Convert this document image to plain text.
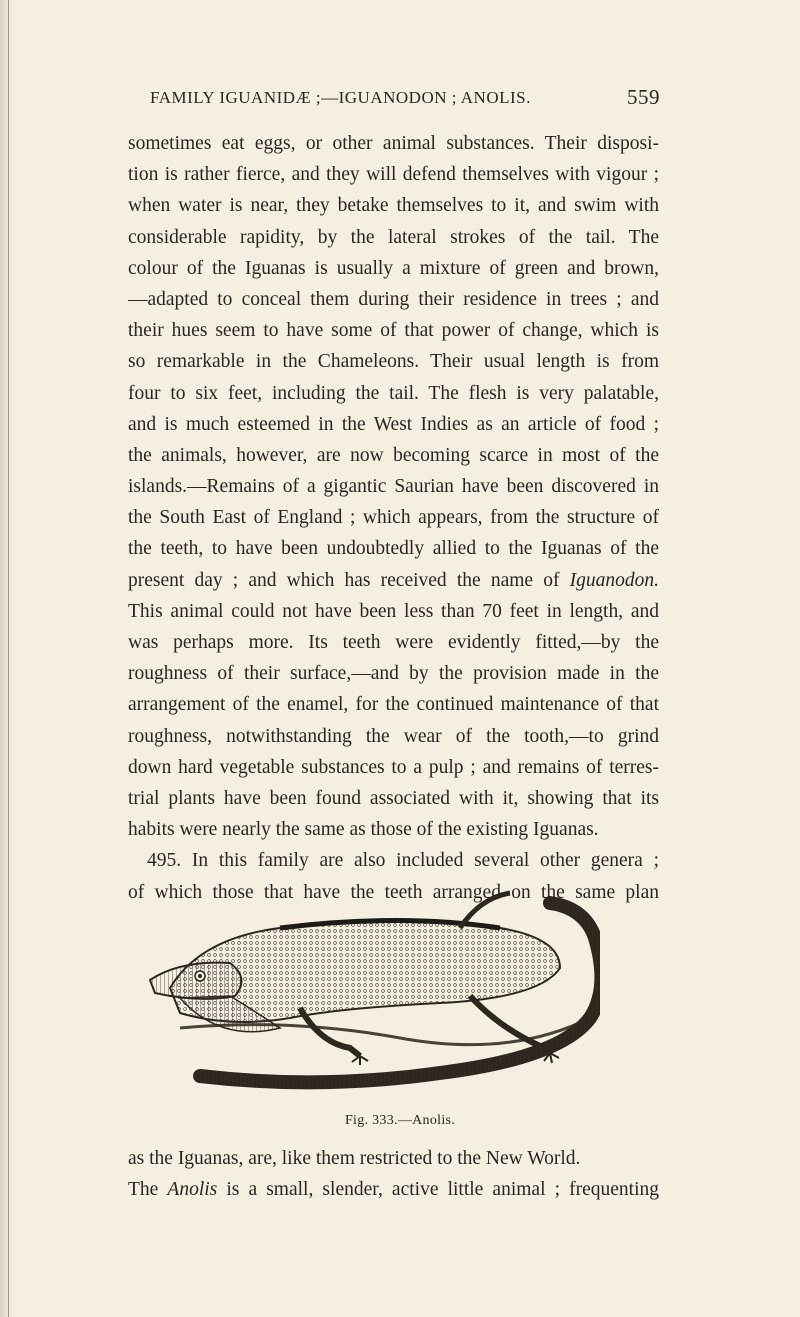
FAMILY IGUANIDÆ ;—IGUANODON ; ANOLIS.	559
sometimes eat eggs, or other animal substances. Their disposi-
tion is rather fierce, and they will defend themselves with vigour ;
when water is near, they betake themselves to it, and swim with
considerable rapidity, by the lateral strokes of the tail. The
colour of the Iguanas is usually a mixture of green and brown,
—adapted to conceal them during their residence in trees ; and
their hues seem to have some of that power of change, which is
so remarkable in the Chameleons. Their usual length is from
four to six feet, including the tail. The flesh is very palatable,
and is much esteemed in the West Indies as an article of food ;
the animals, however, are now becoming scarce in most of the
islands.—Remains of a gigantic Saurian have been discovered in
the South East of England ; which appears, from the structure of
the teeth, to have been undoubtedly allied to the Iguanas of the
present day ; and which has received the name of Iguanodon.
This animal could not have been less than 70 feet in length, and
was perhaps more. Its teeth were evidently fitted,—by the
roughness of their surface,—and by the provision made in the
arrangement of the enamel, for the continued maintenance of that
roughness, notwithstanding the wear of the tooth,—to grind
down hard vegetable substances to a pulp ; and remains of terres-
trial plants have been found associated with it, showing that its
habits were nearly the same as those of the existing Iguanas.
495. In this family are also included several other genera ;
of which those that have the teeth arranged on the same plan
Fig. 333.—Anolis.
as the Iguanas, are, like them restricted to the New World.
The Anolis is a small, slender, active little animal ; frequenting
